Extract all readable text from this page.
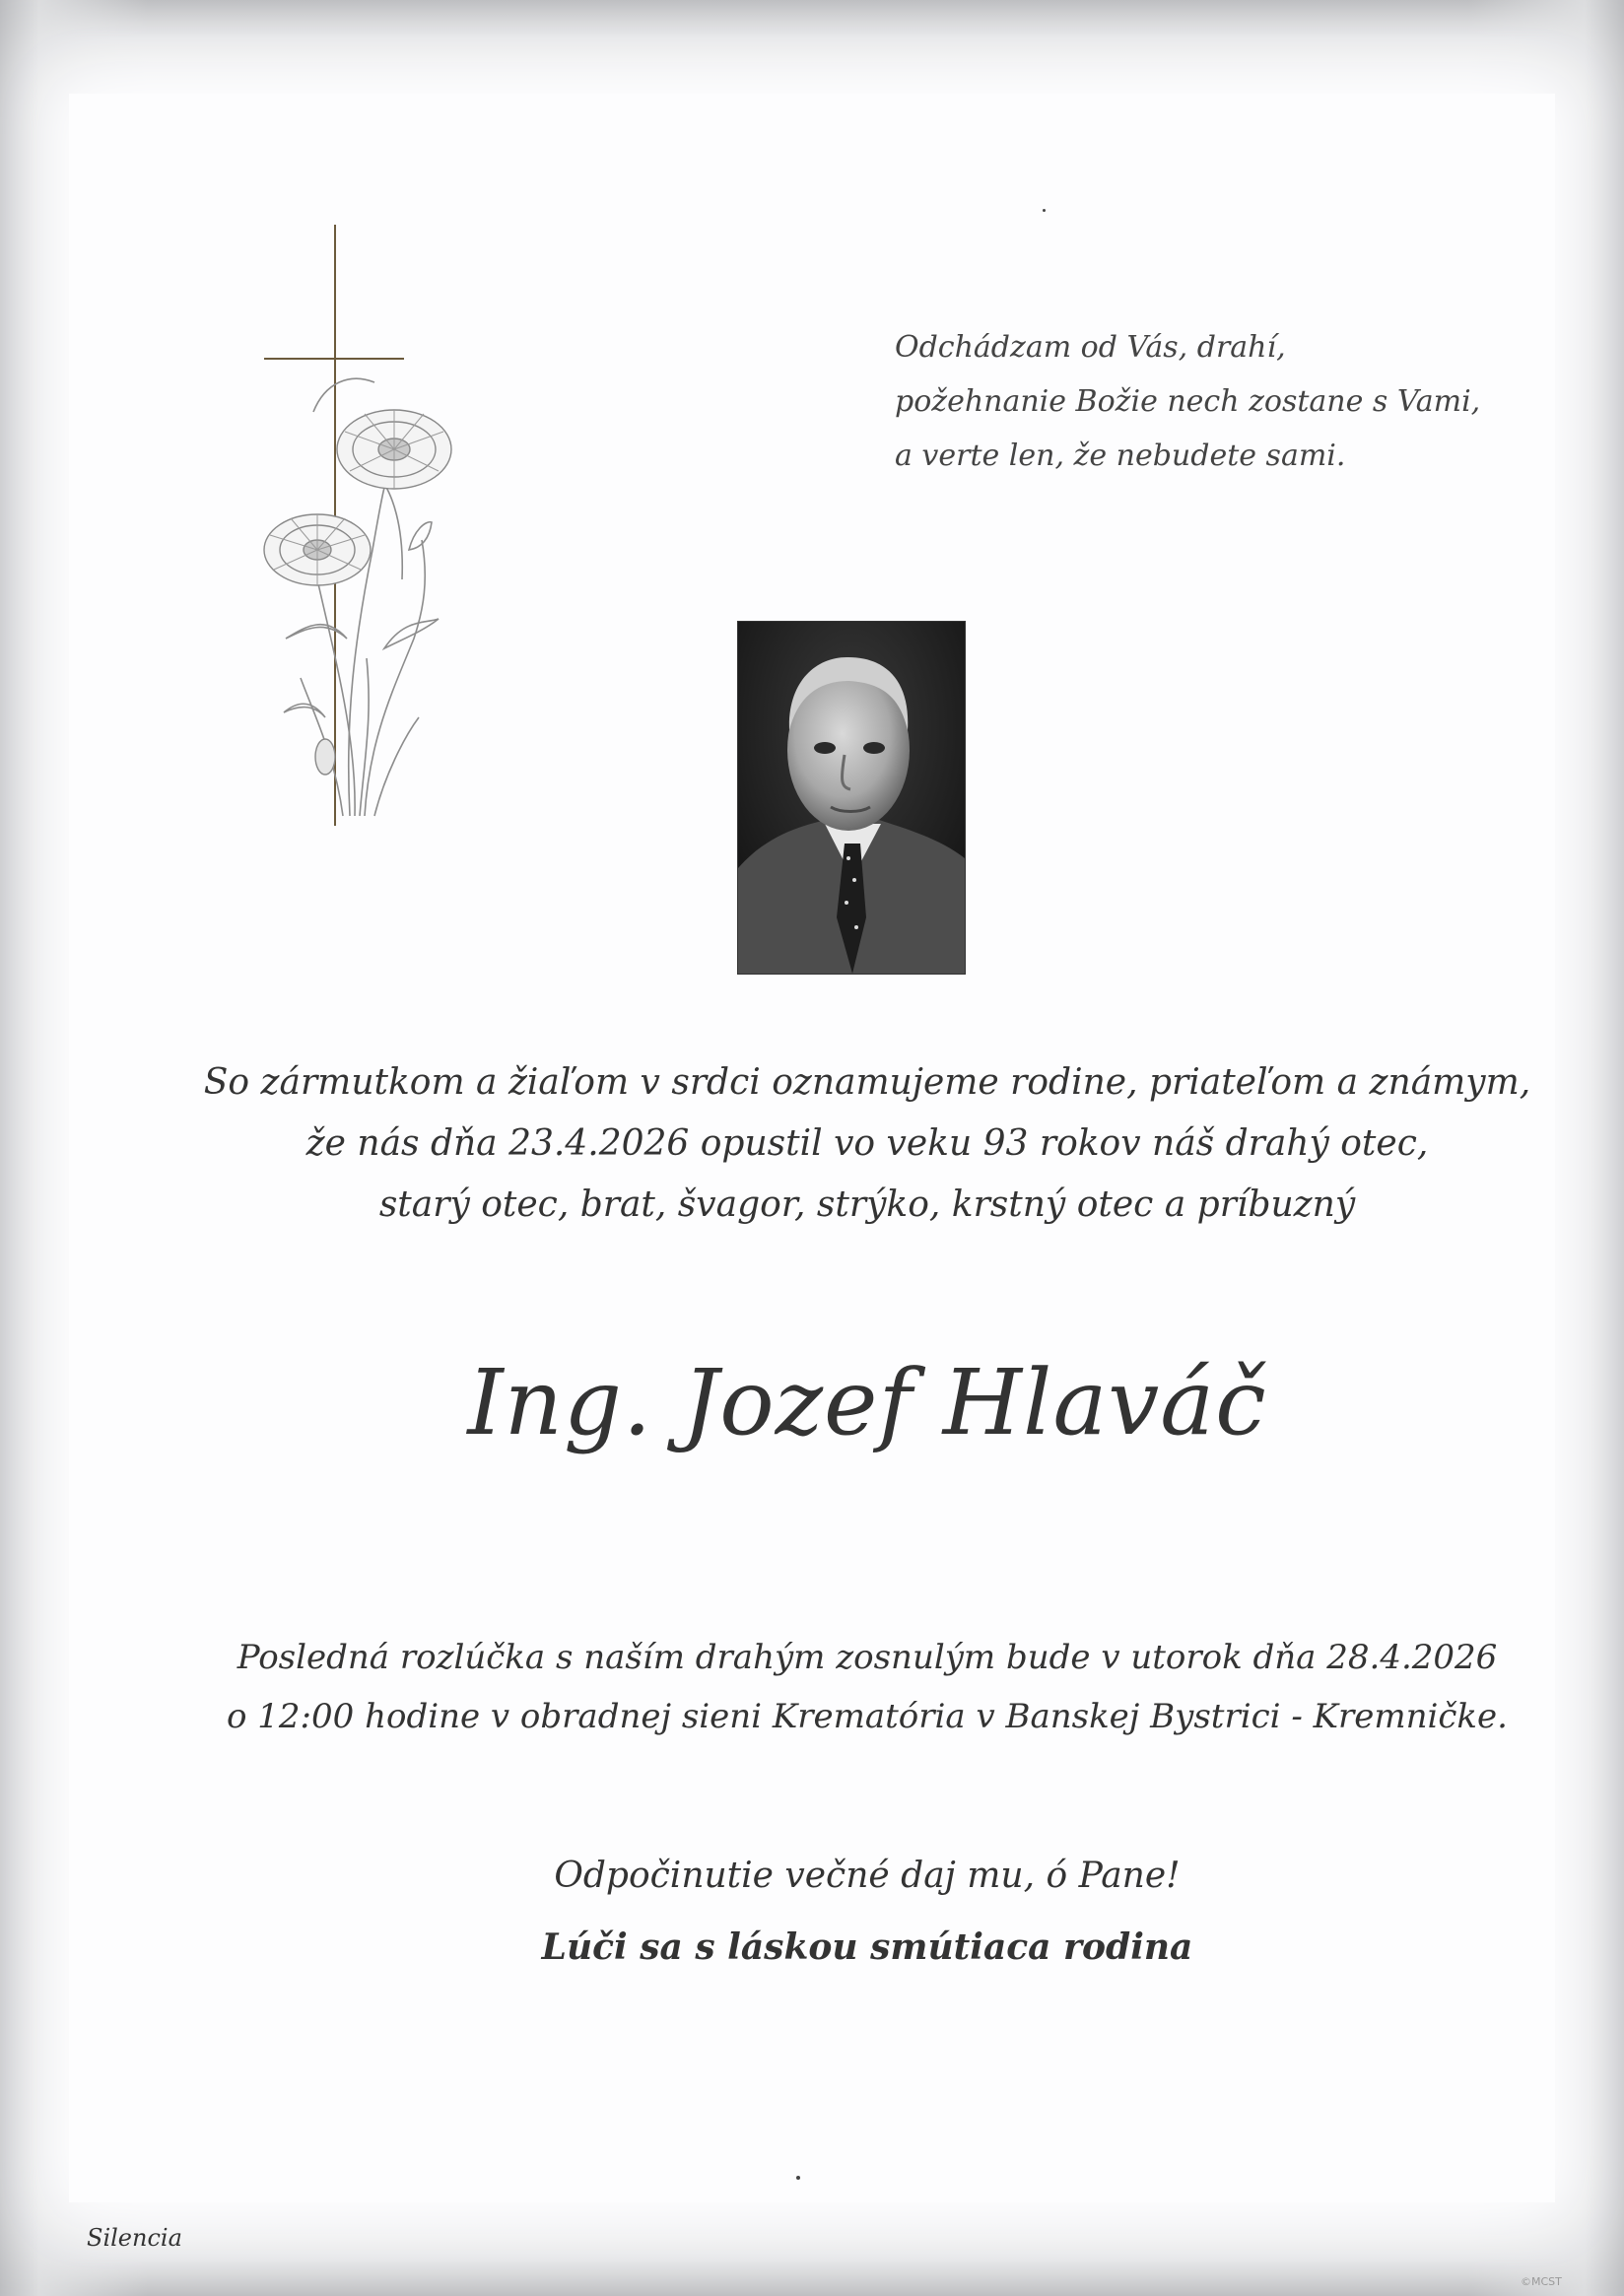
Odchádzam od Vás, drahí,
požehnanie Božie nech zostane s Vami,
a verte len, že nebudete sami.
So zármutkom a žiaľom v srdci oznamujeme rodine, priateľom a známym,
že nás dňa 23.4.2026 opustil vo veku 93 rokov náš drahý otec,
starý otec, brat, švagor, strýko, krstný otec a príbuzný
Ing. Jozef Hlaváč
Posledná rozlúčka s naším drahým zosnulým bude v utorok dňa 28.4.2026
o 12:00 hodine v obradnej sieni Krematória v Banskej Bystrici - Kremničke.
Odpočinutie večné daj mu, ó Pane!
Lúči sa s láskou smútiaca rodina
Silencia
©MCST
